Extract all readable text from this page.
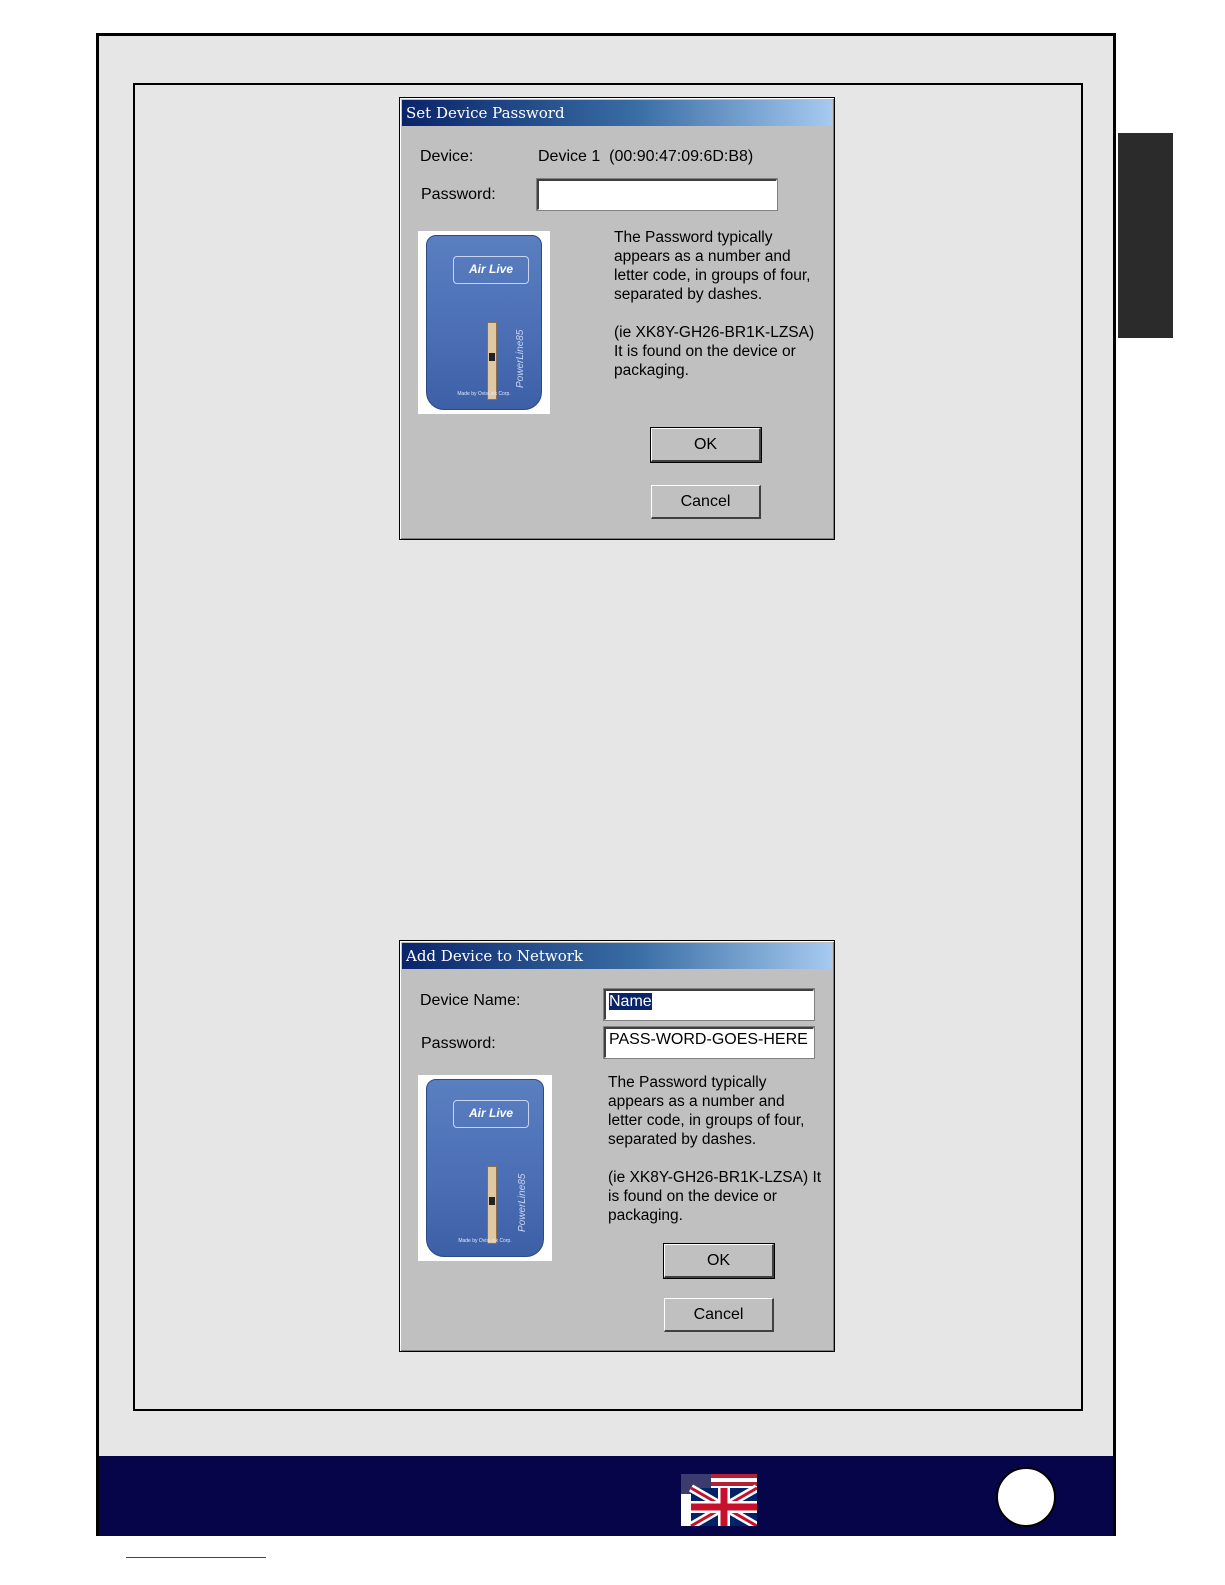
Set Device Password
Device:	Device 1  (00:90:47:09:6D:B8)
Password:
Air Live
PowerLine85
Made by OvisLink Corp.

The Password typically appears as a number and letter code, in groups of four, separated by dashes.

(ie XK8Y-GH26-BR1K-LZSA) It is found on the device or packaging.

OK
Cancel
Add Device to Network
Device Name:	Name
Password:	PASS-WORD-GOES-HERE
Air Live
PowerLine85
Made by OvisLink Corp.

The Password typically appears as a number and letter code, in groups of four, separated by dashes.

(ie XK8Y-GH26-BR1K-LZSA) It is found on the device or packaging.

OK
Cancel
